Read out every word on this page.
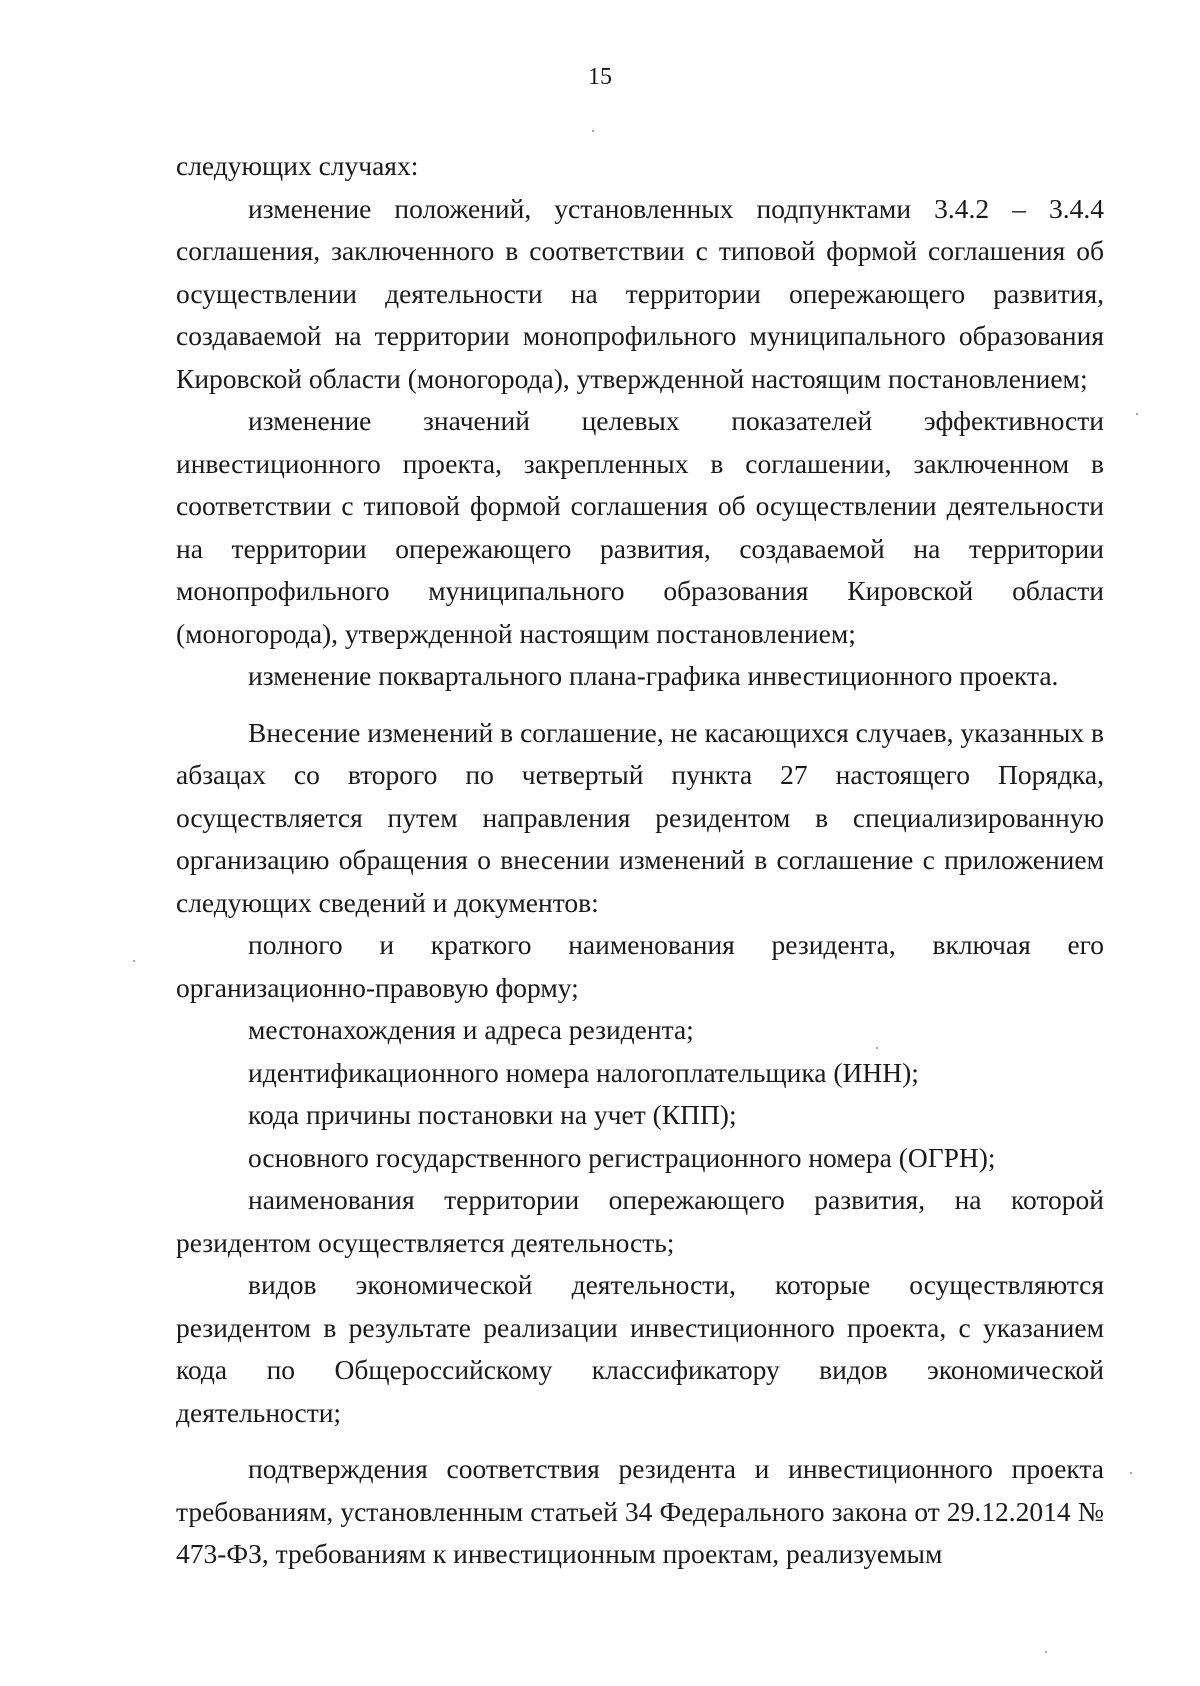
15

следующих случаях:

изменение положений, установленных подпунктами 3.4.2 – 3.4.4 соглашения, заключенного в соответствии с типовой формой соглашения об осуществлении деятельности на территории опережающего развития, создаваемой на территории монопрофильного муниципального образования Кировской области (моногорода), утвержденной настоящим постановлением;

изменение значений целевых показателей эффективности инвестиционного проекта, закрепленных в соглашении, заключенном в соответствии с типовой формой соглашения об осуществлении деятельности на территории опережающего развития, создаваемой на территории монопрофильного муниципального образования Кировской области (моногорода), утвержденной настоящим постановлением;

изменение поквартального плана-графика инвестиционного проекта.

Внесение изменений в соглашение, не касающихся случаев, указанных в абзацах со второго по четвертый пункта 27 настоящего Порядка, осуществляется путем направления резидентом в специализированную организацию обращения о внесении изменений в соглашение с приложением следующих сведений и документов:

полного и краткого наименования резидента, включая его организационно-правовую форму;

местонахождения и адреса резидента;

идентификационного номера налогоплательщика (ИНН);

кода причины постановки на учет (КПП);

основного государственного регистрационного номера (ОГРН);

наименования территории опережающего развития, на которой резидентом осуществляется деятельность;

видов экономической деятельности, которые осуществляются резидентом в результате реализации инвестиционного проекта, с указанием кода по Общероссийскому классификатору видов экономической деятельности;

подтверждения соответствия резидента и инвестиционного проекта требованиям, установленным статьей 34 Федерального закона от 29.12.2014 № 473-ФЗ, требованиям к инвестиционным проектам, реализуемым
